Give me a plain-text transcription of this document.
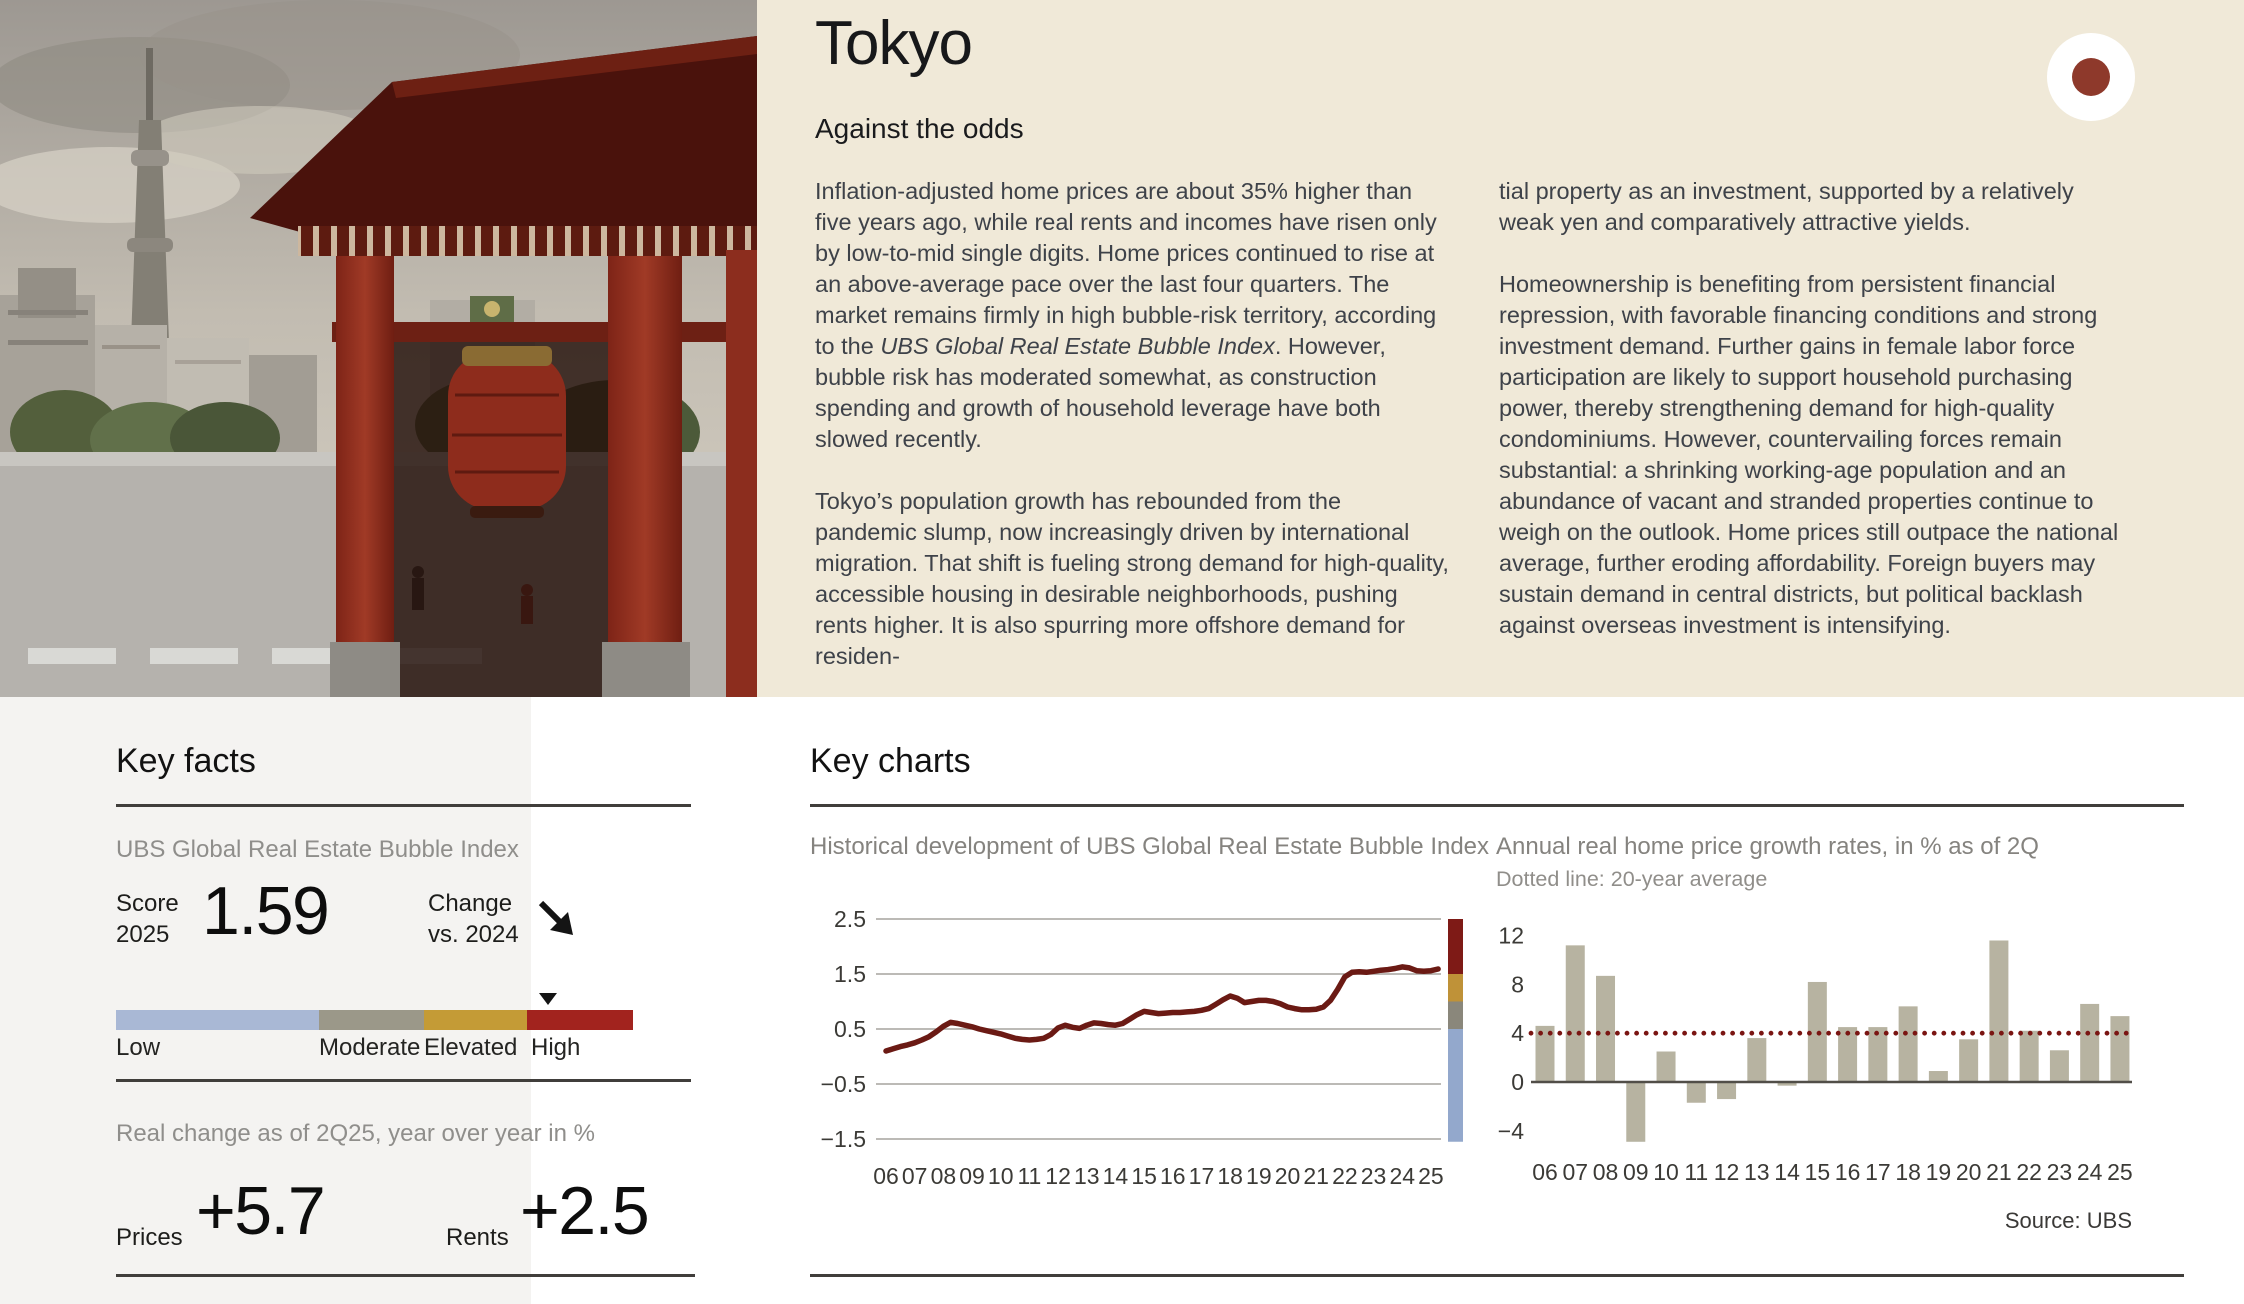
Tokyo
Against the odds

Inflation-adjusted home prices are about 35% higher than five years ago, while real rents and incomes have risen only by low-to-mid single digits. Home prices continued to rise at an above-average pace over the last four quarters. The market remains firmly in high bubble-risk territory, according to the UBS Global Real Estate Bubble Index. However, bubble risk has moderated somewhat, as construction spending and growth of household leverage have both slowed recently.

Tokyo’s population growth has rebounded from the pandemic slump, now increasingly driven by international migration. That shift is fueling strong demand for high-quality, accessible housing in desirable neighborhoods, pushing rents higher. It is also spurring more offshore demand for residen-

tial property as an investment, supported by a relatively weak yen and comparatively attractive yields.

Homeownership is benefiting from persistent financial repression, with favorable financing conditions and strong investment demand. Further gains in female labor force participation are likely to support household purchasing power, thereby strengthening demand for high-quality condominiums. However, countervailing forces remain substantial: a shrinking working-age population and an abundance of vacant and stranded properties continue to weigh on the outlook. Home prices still outpace the national average, further eroding affordability. Foreign buyers may sustain demand in central districts, but political backlash against overseas investment is intensifying.

Key facts
UBS Global Real Estate Bubble Index
Score
2025 1.59	Change
vs. 2024
Low	Moderate Elevated High
Real change as of 2Q25, year over year in %
Prices +5.7	Rents +2.5
Key charts
Historical development of UBS Global Real Estate Bubble Index
2.5
1.5
0.5
−0.5
−1.5
06 07 08 09 10 11 12 13 14 15 16 17 18 19 20 21 22 23 24 25
Annual real home price growth rates, in % as of 2Q
Dotted line: 20-year average
12
8
4
0
−4
06 07 08 09 10 11 12 13 14 15 16 17 18 19 20 21 22 23 24 25
Source: UBS
